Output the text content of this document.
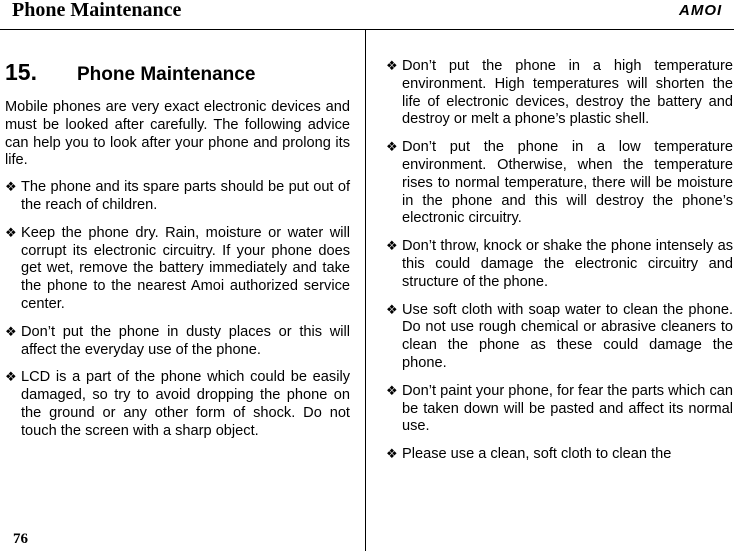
Phone Maintenance	AMOI
15. Phone Maintenance

Mobile phones are very exact electronic devices and must be looked after carefully. The following advice can help you to look after your phone and prolong its life.

❖ The phone and its spare parts should be put out of the reach of children.
❖ Keep the phone dry. Rain, moisture or water will corrupt its electronic circuitry. If your phone does get wet, remove the battery immediately and take the phone to the nearest Amoi authorized service center.
❖ Don’t put the phone in dusty places or this will affect the everyday use of the phone.
❖ LCD is a part of the phone which could be easily damaged, so try to avoid dropping the phone on the ground or any other form of shock. Do not touch the screen with a sharp object.
❖ Don’t put the phone in a high temperature environment. High temperatures will shorten the life of electronic devices, destroy the battery and destroy or melt a phone’s plastic shell.
❖ Don’t put the phone in a low temperature environment. Otherwise, when the temperature rises to normal temperature, there will be moisture in the phone and this will destroy the phone’s electronic circuitry.
❖ Don’t throw, knock or shake the phone intensely as this could damage the electronic circuitry and structure of the phone.
❖ Use soft cloth with soap water to clean the phone. Do not use rough chemical or abrasive cleaners to clean the phone as these could damage the phone.
❖ Don’t paint your phone, for fear the parts which can be taken down will be pasted and affect its normal use.
❖ Please use a clean, soft cloth to clean the
76
